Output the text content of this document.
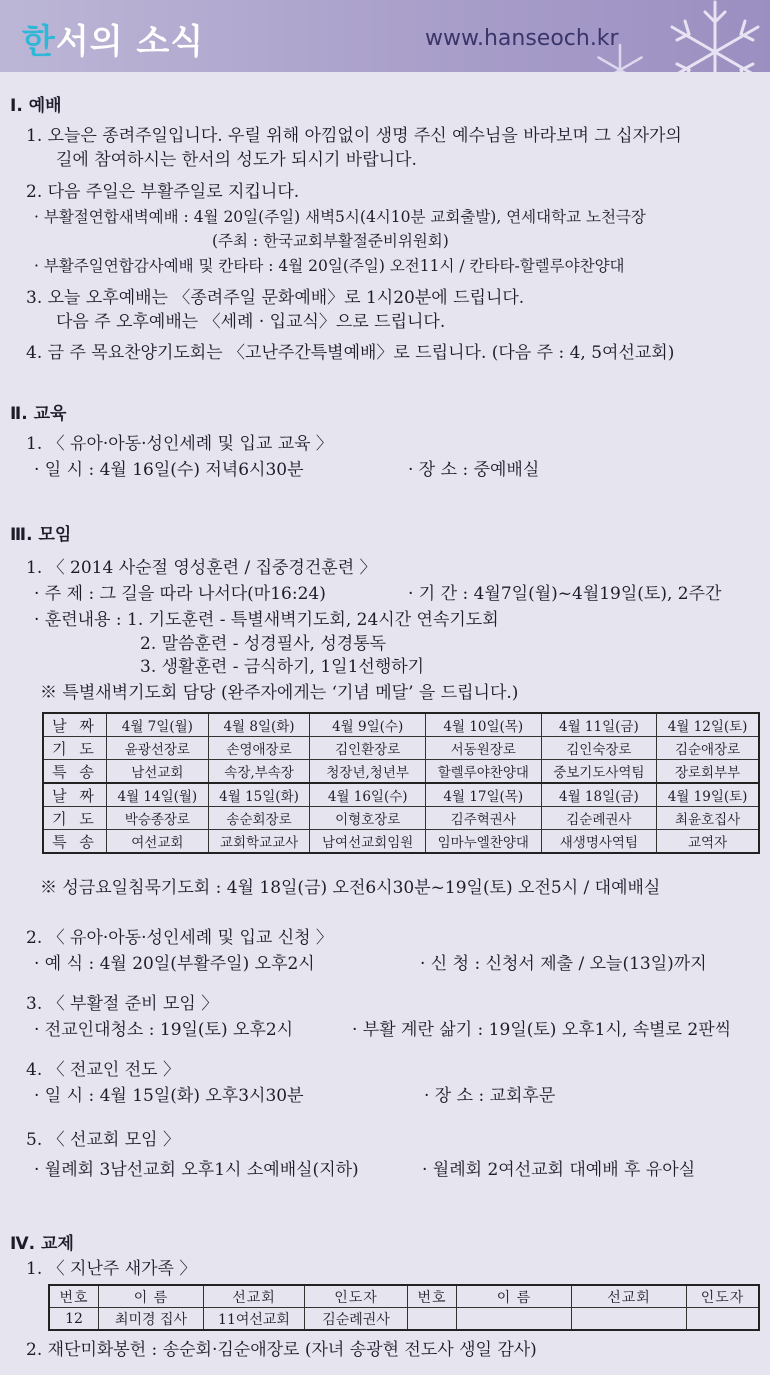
한서의 소식	www.hanseoch.kr
Ⅰ. 예배
1. 오늘은 종려주일입니다. 우릴 위해 아낌없이 생명 주신 예수님을 바라보며 그 십자가의
길에 참여하시는 한서의 성도가 되시기 바랍니다.
2. 다음 주일은 부활주일로 지킵니다.
· 부활절연합새벽예배 : 4월 20일(주일) 새벽5시(4시10분 교회출발), 연세대학교 노천극장
(주최 : 한국교회부활절준비위원회)
· 부활주일연합감사예배 및 칸타타 : 4월 20일(주일) 오전11시 / 칸타타-할렐루야찬양대
3. 오늘 오후예배는 〈종려주일 문화예배〉로 1시20분에 드립니다.
다음 주 오후예배는 〈세례 · 입교식〉으로 드립니다.
4. 금 주 목요찬양기도회는 〈고난주간특별예배〉로 드립니다. (다음 주 : 4, 5여선교회)
Ⅱ. 교육
1. 〈 유아·아동·성인세례 및 입교 교육 〉
· 일 시 : 4월 16일(수) 저녁6시30분	· 장 소 : 중예배실
Ⅲ. 모임
1. 〈 2014 사순절 영성훈련 / 집중경건훈련 〉
· 주 제 : 그 길을 따라 나서다(마16:24)	· 기 간 : 4월7일(월)~4월19일(토), 2주간
· 훈련내용 : 1. 기도훈련 - 특별새벽기도회, 24시간 연속기도회
2. 말씀훈련 - 성경필사, 성경통독
3. 생활훈련 - 금식하기, 1일1선행하기
※ 특별새벽기도회 담당 (완주자에게는 ‘기념 메달’ 을 드립니다.)
날 짜	4월 7일(월)	4월 8일(화)	4월 9일(수)	4월 10일(목)	4월 11일(금)	4월 12일(토)
기 도	윤광선장로	손영애장로	김인환장로	서동원장로	김인숙장로	김순애장로
특 송	남선교회	속장,부속장	청장년,청년부	할렐루야찬양대	중보기도사역팀	장로회부부
날 짜	4월 14일(월)	4월 15일(화)	4월 16일(수)	4월 17일(목)	4월 18일(금)	4월 19일(토)
기 도	박승종장로	송순회장로	이형호장로	김주혁권사	김순례권사	최윤호집사
특 송	여선교회	교회학교교사	남여선교회임원	임마누엘찬양대	새생명사역팀	교역자
※ 성금요일침묵기도회 : 4월 18일(금) 오전6시30분~19일(토) 오전5시 / 대예배실
2. 〈 유아·아동·성인세례 및 입교 신청 〉
· 예 식 : 4월 20일(부활주일) 오후2시	· 신 청 : 신청서 제출 / 오늘(13일)까지
3. 〈 부활절 준비 모임 〉
· 전교인대청소 : 19일(토) 오후2시	· 부활 계란 삶기 : 19일(토) 오후1시, 속별로 2판씩
4. 〈 전교인 전도 〉
· 일 시 : 4월 15일(화) 오후3시30분	· 장 소 : 교회후문
5. 〈 선교회 모임 〉
· 월례회 3남선교회 오후1시 소예배실(지하)	· 월례회 2여선교회 대예배 후 유아실
Ⅳ. 교제
1. 〈 지난주 새가족 〉
번호	이 름	선교회	인도자	번호	이 름	선교회	인도자
12	최미경 집사	11여선교회	김순례권사				
2. 재단미화봉헌 : 송순회·김순애장로 (자녀 송광현 전도사 생일 감사)
